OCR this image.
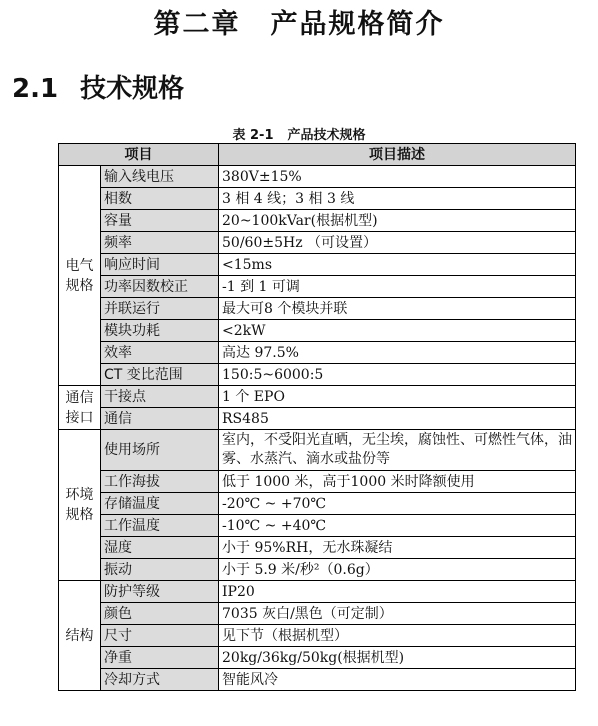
第二章 产品规格简介
2.1 技术规格
表 2-1 产品技术规格
项目		项目描述
电气
规格	输入线电压	380V±15%
	相数	3 相 4 线；3 相 3 线
	容量	20~100kVar(根据机型)
	频率	50/60±5Hz （可设置）
	响应时间	<15ms
	功率因数校正	-1 到 1 可调
	并联运行	最大可8 个模块并联
	模块功耗	<2kW
	效率	高达 97.5%
	CT 变比范围	150:5~6000:5
通信
接口	干接点	1 个 EPO
	通信	RS485
环境
规格	使用场所	室内，不受阳光直晒，无尘埃，腐蚀性、可燃性气体，油雾、水蒸汽、滴水或盐份等
	工作海拔	低于 1000 米，高于1000 米时降额使用
	存储温度	-20℃ ~ +70℃
	工作温度	-10℃ ~ +40℃
	湿度	小于 95%RH，无水珠凝结
	振动	小于 5.9 米/秒²（0.6g）
结构	防护等级	IP20
	颜色	7035 灰白/黑色（可定制）
	尺寸	见下节（根据机型）
	净重	20kg/36kg/50kg(根据机型)
	冷却方式	智能风冷
